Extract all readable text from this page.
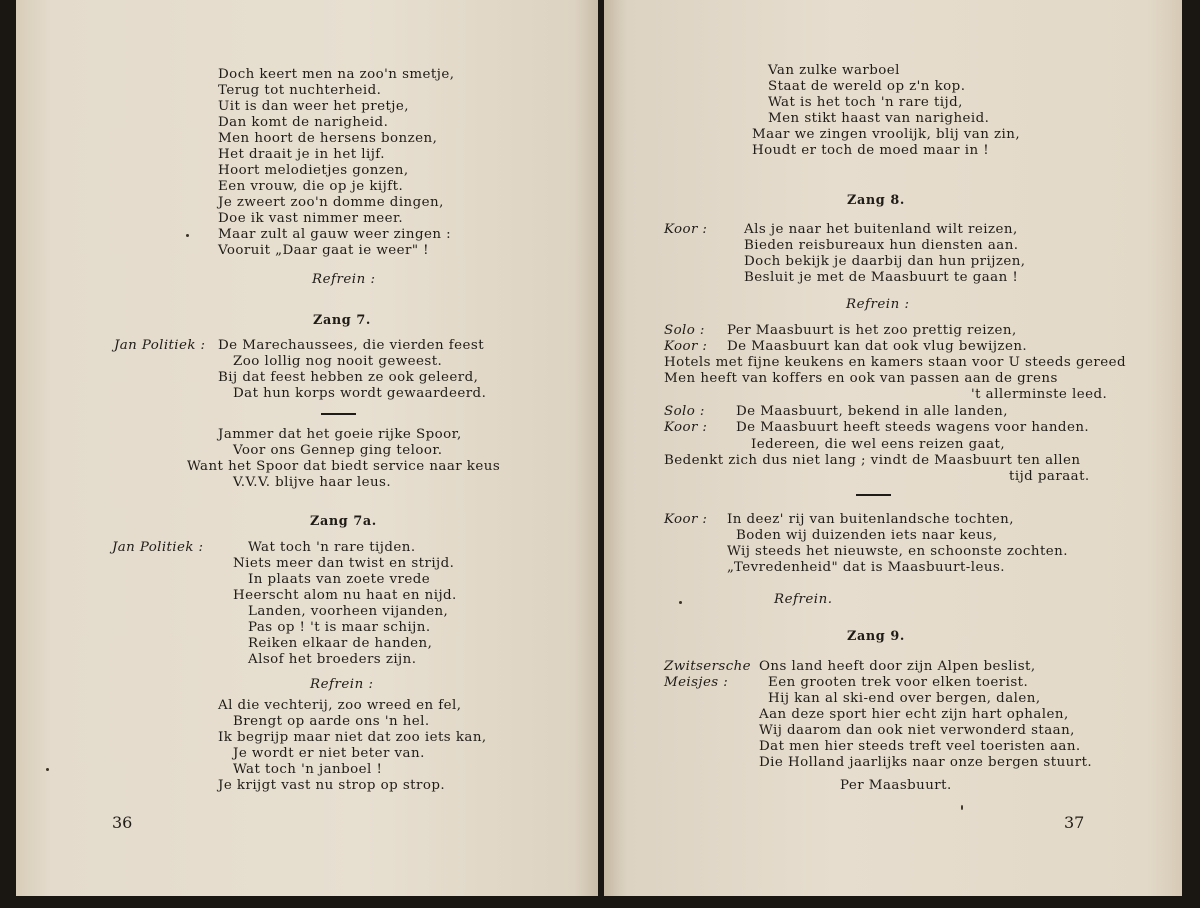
Doch keert men na zoo'n smetje,
Terug tot nuchterheid.
Uit is dan weer het pretje,
Dan komt de narigheid.
Men hoort de hersens bonzen,
Het draait je in het lijf.
Hoort melodietjes gonzen,
Een vrouw, die op je kijft.
Je zweert zoo'n domme dingen,
Doe ik vast nimmer meer.
Maar zult al gauw weer zingen :
Vooruit „Daar gaat ie weer" !
Refrein :
Zang 7.
Jan Politiek : De Marechaussees, die vierden feest
Zoo lollig nog nooit geweest.
Bij dat feest hebben ze ook geleerd,
Dat hun korps wordt gewaardeerd.
Jammer dat het goeie rijke Spoor,
Voor ons Gennep ging teloor.
Want het Spoor dat biedt service naar keus
V.V.V. blijve haar leus.
Zang 7a.
Jan Politiek :	Wat toch 'n rare tijden.
Niets meer dan twist en strijd.
In plaats van zoete vrede
Heerscht alom nu haat en nijd.
Landen, voorheen vijanden,
Pas op ! 't is maar schijn.
Reiken elkaar de handen,
Alsof het broeders zijn.
Refrein :
Al die vechterij, zoo wreed en fel,
Brengt op aarde ons 'n hel.
Ik begrijp maar niet dat zoo iets kan,
Je wordt er niet beter van.
Wat toch 'n janboel !
Je krijgt vast nu strop op strop.
36
Van zulke warboel
Staat de wereld op z'n kop.
Wat is het toch 'n rare tijd,
Men stikt haast van narigheid.
Maar we zingen vroolijk, blij van zin,
Houdt er toch de moed maar in !
Zang 8.
Koor :	Als je naar het buitenland wilt reizen,
Bieden reisbureaux hun diensten aan.
Doch bekijk je daarbij dan hun prijzen,
Besluit je met de Maasbuurt te gaan !
Refrein :
Solo : Per Maasbuurt is het zoo prettig reizen,
Koor : De Maasbuurt kan dat ook vlug bewijzen.
Hotels met fijne keukens en kamers staan voor U steeds gereed
Men heeft van koffers en ook van passen aan de grens
't allerminste leed.
Solo : De Maasbuurt, bekend in alle landen,
Koor : De Maasbuurt heeft steeds wagens voor handen.
Iedereen, die wel eens reizen gaat,
Bedenkt zich dus niet lang ; vindt de Maasbuurt ten allen
tijd paraat.
Koor : In deez' rij van buitenlandsche tochten,
Boden wij duizenden iets naar keus,
Wij steeds het nieuwste, en schoonste zochten.
„Tevredenheid" dat is Maasbuurt-leus.
Refrein.
Zang 9.
Zwitsersche
Meisjes :
Ons land heeft door zijn Alpen beslist,
Een grooten trek voor elken toerist.
Hij kan al ski-end over bergen, dalen,
Aan deze sport hier echt zijn hart ophalen,
Wij daarom dan ook niet verwonderd staan,
Dat men hier steeds treft veel toeristen aan.
Die Holland jaarlijks naar onze bergen stuurt.
Per Maasbuurt.
37
